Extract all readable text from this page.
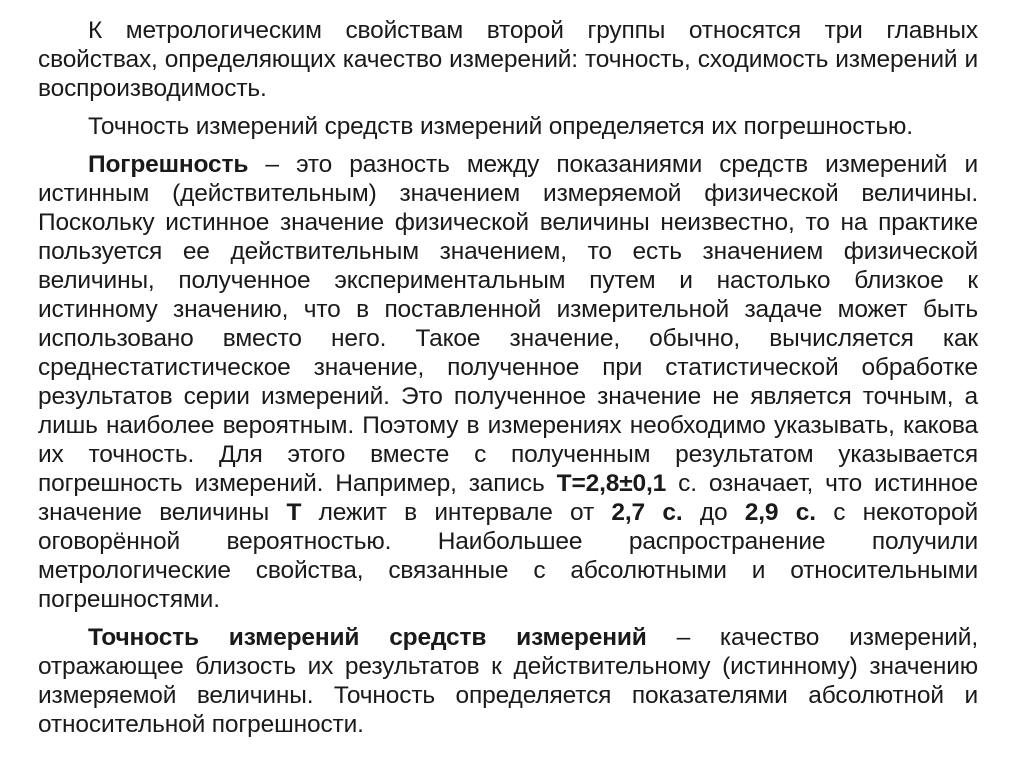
К метрологическим свойствам второй группы относятся три главных свойствах, определяющих качество измерений: точность, сходимость измерений и воспроизводимость.

Точность измерений средств измерений определяется их погрешностью.

Погрешность – это разность между показаниями средств измерений и истинным (действительным) значением измеряемой физической величины. Поскольку истинное значение физической величины неизвестно, то на практике пользуется ее действительным значением, то есть значением физической величины, полученное экспериментальным путем и настолько близкое к истинному значению, что в поставленной измерительной задаче может быть использовано вместо него. Такое значение, обычно, вычисляется как среднестатистическое значение, полученное при статистической обработке результатов серии измерений. Это полученное значение не является точным, а лишь наиболее вероятным. Поэтому в измерениях необходимо указывать, какова их точность. Для этого вместе с полученным результатом указывается погрешность измерений. Например, запись T=2,8±0,1 с. означает, что истинное значение величины Т лежит в интервале от 2,7 с. до 2,9 с. с некоторой оговорённой вероятностью. Наибольшее распространение получили метрологические свойства, связанные с абсолютными и относительными погрешностями.

Точность измерений средств измерений – качество измерений, отражающее близость их результатов к действительному (истинному) значению измеряемой величины. Точность определяется показателями абсолютной и относительной погрешности.
